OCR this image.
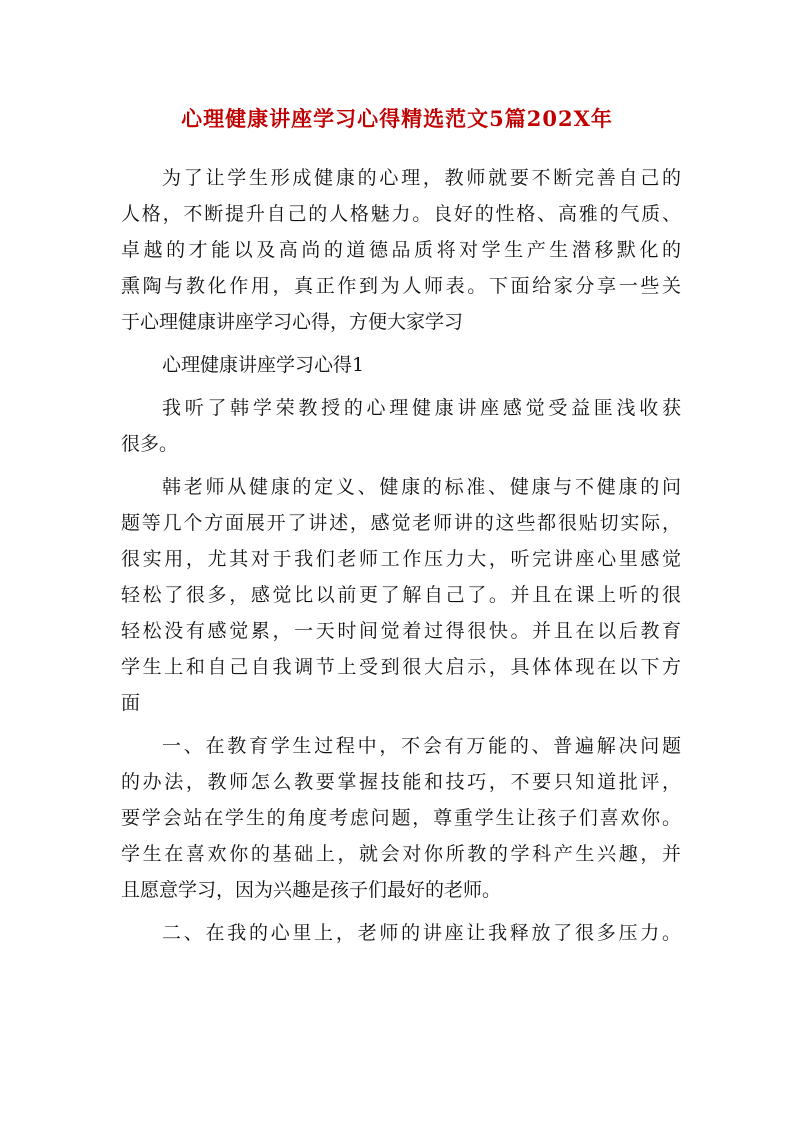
心理健康讲座学习心得精选范文5篇202X年
为了让学生形成健康的心理，教师就要不断完善自己的
人格，不断提升自己的人格魅力。良好的性格、高雅的气质、
卓越的才能以及高尚的道德品质将对学生产生潜移默化的
熏陶与教化作用，真正作到为人师表。下面给家分享一些关
于心理健康讲座学习心得，方便大家学习
心理健康讲座学习心得1
我听了韩学荣教授的心理健康讲座感觉受益匪浅收获
很多。
韩老师从健康的定义、健康的标准、健康与不健康的问
题等几个方面展开了讲述，感觉老师讲的这些都很贴切实际，
很实用，尤其对于我们老师工作压力大，听完讲座心里感觉
轻松了很多，感觉比以前更了解自己了。并且在课上听的很
轻松没有感觉累，一天时间觉着过得很快。并且在以后教育
学生上和自己自我调节上受到很大启示，具体体现在以下方
面
一、在教育学生过程中，不会有万能的、普遍解决问题
的办法，教师怎么教要掌握技能和技巧，不要只知道批评，
要学会站在学生的角度考虑问题，尊重学生让孩子们喜欢你。
学生在喜欢你的基础上，就会对你所教的学科产生兴趣，并
且愿意学习，因为兴趣是孩子们最好的老师。
二、在我的心里上，老师的讲座让我释放了很多压力。
